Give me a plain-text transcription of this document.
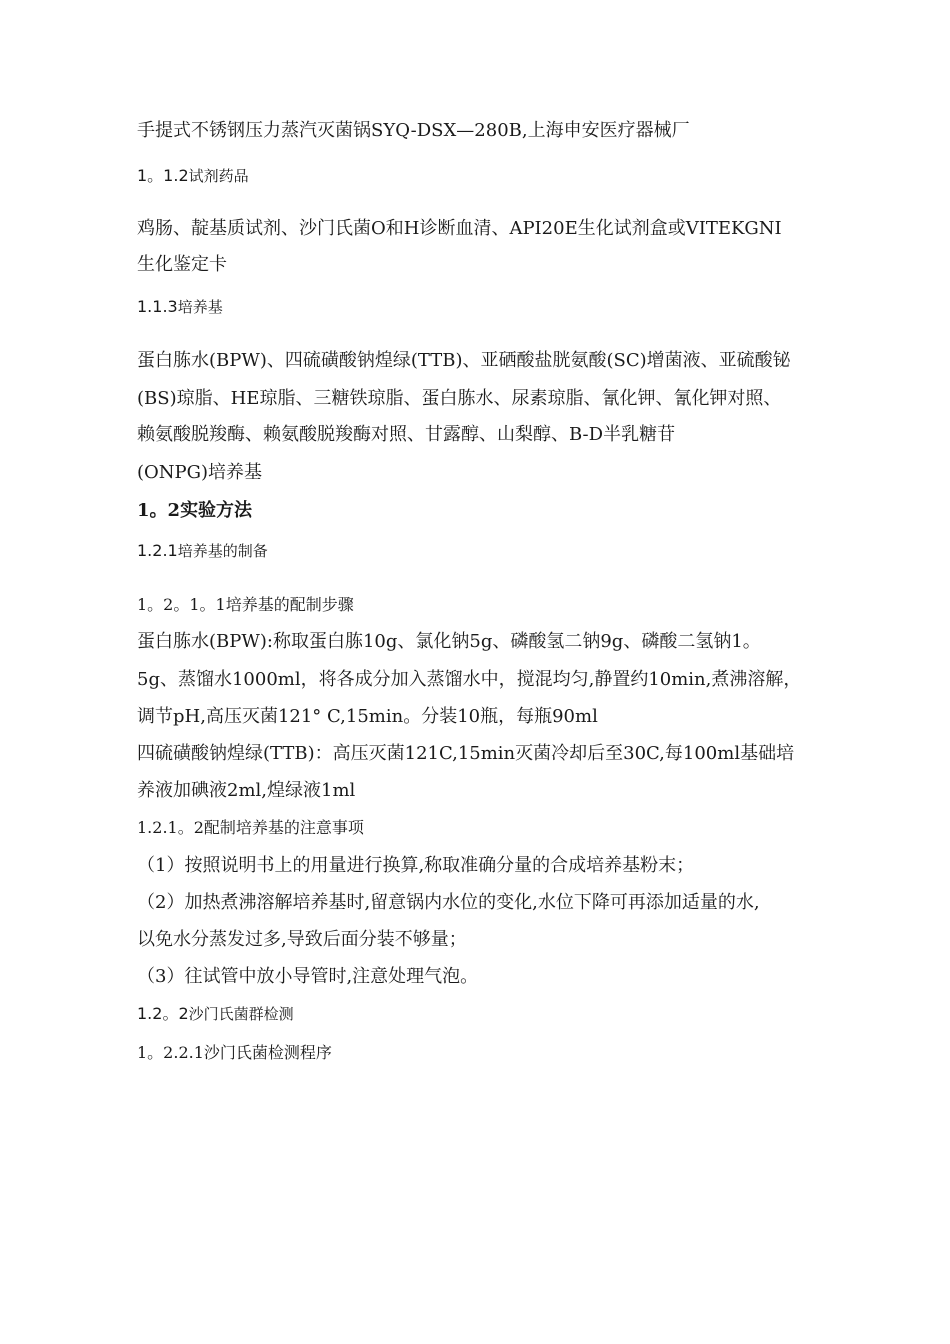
手提式不锈钢压力蒸汽灭菌锅SYQ-DSX—280B,上海申安医疗器械厂
1。1.2试剂药品
鸡肠、靛基质试剂、沙门氏菌O和H诊断血清、API20E生化试剂盒或VITEKGNI
生化鉴定卡
1.1.3培养基
蛋白胨水(BPW)、四硫磺酸钠煌绿(TTB)、亚硒酸盐胱氨酸(SC)增菌液、亚硫酸铋
(BS)琼脂、HE琼脂、三糖铁琼脂、蛋白胨水、尿素琼脂、氰化钾、氰化钾对照、
赖氨酸脱羧酶、赖氨酸脱羧酶对照、甘露醇、山梨醇、B-D半乳糖苷
(ONPG)培养基
1。2实验方法
1.2.1培养基的制备
1。2。1。1培养基的配制步骤
蛋白胨水(BPW):称取蛋白胨10g、氯化钠5g、磷酸氢二钠9g、磷酸二氢钠1。
5g、蒸馏水1000ml，将各成分加入蒸馏水中，搅混均匀,静置约10min,煮沸溶解，
调节pH,高压灭菌121° C,15min。分装10瓶，每瓶90ml
四硫磺酸钠煌绿(TTB)：高压灭菌121C,15min灭菌冷却后至30C,每100ml基础培
养液加碘液2ml,煌绿液1ml
1.2.1。2配制培养基的注意事项
（1）按照说明书上的用量进行换算,称取准确分量的合成培养基粉末；
（2）加热煮沸溶解培养基时,留意锅内水位的变化,水位下降可再添加适量的水,
以免水分蒸发过多,导致后面分装不够量；
（3）往试管中放小导管时,注意处理气泡。
1.2。2沙门氏菌群检测
1。2.2.1沙门氏菌检测程序
